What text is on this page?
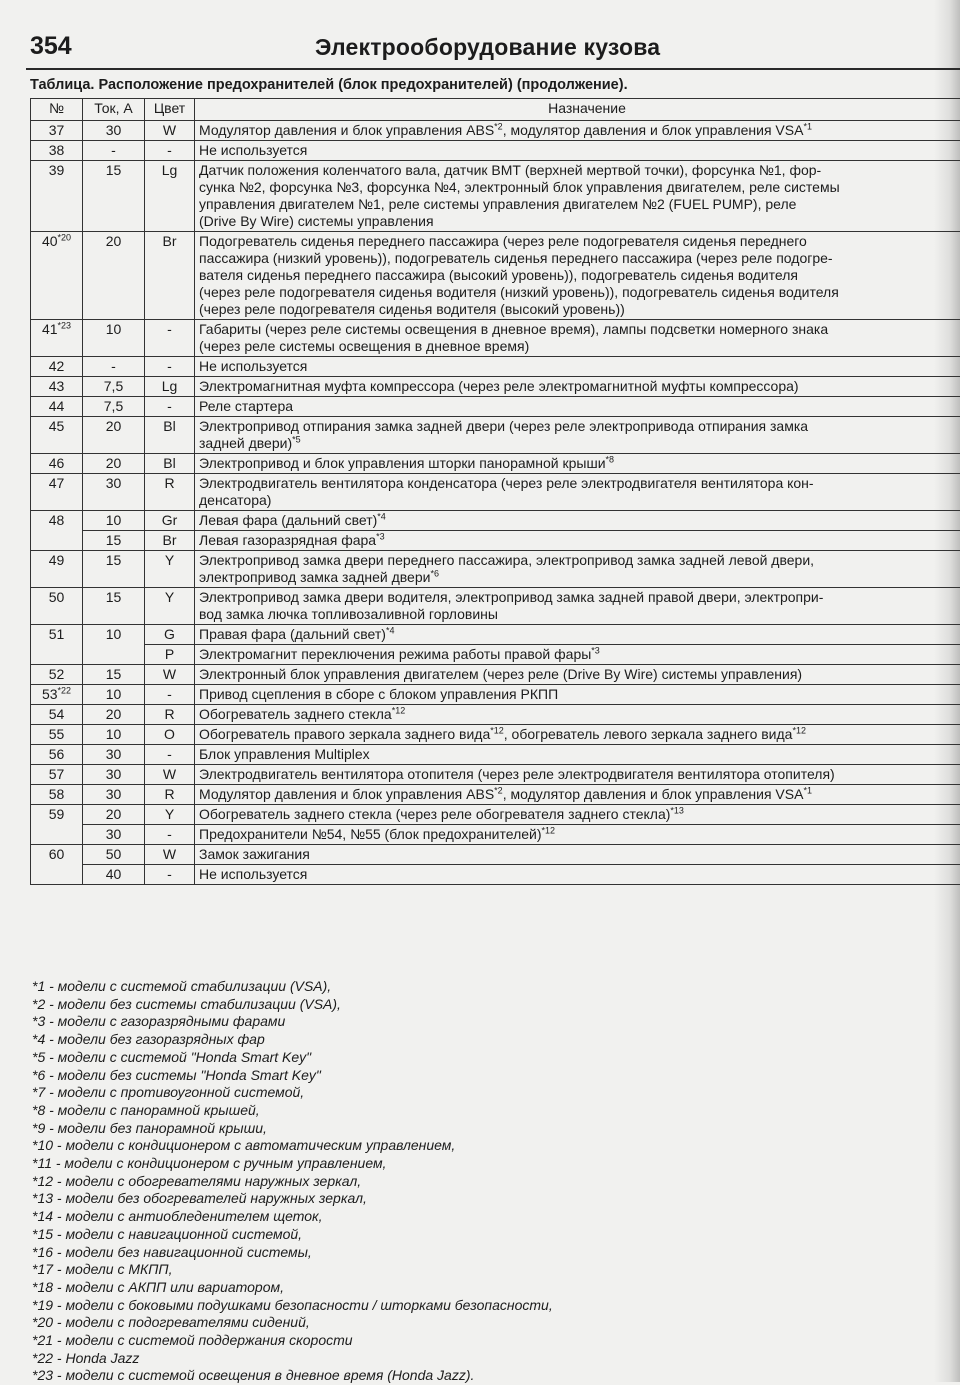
354	Электрооборудование кузова
Таблица. Расположение предохранителей (блок предохранителей) (продолжение).
№	Ток, А	Цвет	Назначение
37	30	W	Модулятор давления и блок управления ABS$^{*2}$, модулятор давления и блок управления VSA$^{*1}$
38	-	-	Не используется
39	15	Lg	Датчик положения коленчатого вала, датчик ВМТ (верхней мертвой точки), форсунка №1, фор-
сунка №2, форсунка №3, форсунка №4, электронный блок управления двигателем, реле системы
управления двигателем №1, реле системы управления двигателем №2 (FUEL PUMP), реле
(Drive By Wire) системы управления
40$^{*20}$	20	Br	Подогреватель сиденья переднего пассажира (через реле подогревателя сиденья переднего
пассажира (низкий уровень)), подогреватель сиденья переднего пассажира (через реле подогре-
вателя сиденья переднего пассажира (высокий уровень)), подогреватель сиденья водителя
(через реле подогревателя сиденья водителя (низкий уровень)), подогреватель сиденья водителя
(через реле подогревателя сиденья водителя (высокий уровень))
41$^{*23}$	10	-	Габариты (через реле системы освещения в дневное время), лампы подсветки номерного знака
(через реле системы освещения в дневное время)
42	-	-	Не используется
43	7,5	Lg	Электромагнитная муфта компрессора (через реле электромагнитной муфты компрессора)
44	7,5	-	Реле стартера
45	20	Bl	Электропривод отпирания замка задней двери (через реле электропривода отпирания замка
задней двери)$^{*5}$
46	20	Bl	Электропривод и блок управления шторки панорамной крыши$^{*8}$
47	30	R	Электродвигатель вентилятора конденсатора (через реле электродвигателя вентилятора кон-
денсатора)
48	10	Gr	Левая фара (дальний свет)$^{*4}$
	15	Br	Левая газоразрядная фара$^{*3}$
49	15	Y	Электропривод замка двери переднего пассажира, электропривод замка задней левой двери,
электропривод замка задней двери$^{*6}$
50	15	Y	Электропривод замка двери водителя, электропривод замка задней правой двери, электропри-
вод замка лючка топливозаливной горловины
51	10	G	Правая фара (дальний свет)$^{*4}$
		P	Электромагнит переключения режима работы правой фары$^{*3}$
52	15	W	Электронный блок управления двигателем (через реле (Drive By Wire) системы управления)
53$^{*22}$	10	-	Привод сцепления в сборе с блоком управления РКПП
54	20	R	Обогреватель заднего стекла$^{*12}$
55	10	O	Обогреватель правого зеркала заднего вида$^{*12}$, обогреватель левого зеркала заднего вида$^{*12}$
56	30	-	Блок управления Multiplex
57	30	W	Электродвигатель вентилятора отопителя (через реле электродвигателя вентилятора отопителя)
58	30	R	Модулятор давления и блок управления ABS$^{*2}$, модулятор давления и блок управления VSA$^{*1}$
59	20	Y	Обогреватель заднего стекла (через реле обогревателя заднего стекла)$^{*13}$
	30	-	Предохранители №54, №55 (блок предохранителей)$^{*12}$
60	50	W	Замок зажигания
	40	-	Не используется
*1 - модели с системой стабилизации (VSA),
*2 - модели без системы стабилизации (VSA),
*3 - модели с газоразрядными фарами
*4 - модели без газоразрядных фар
*5 - модели с системой "Honda Smart Key"
*6 - модели без системы "Honda Smart Key"
*7 - модели с противоугонной системой,
*8 - модели с панорамной крышей,
*9 - модели без панорамной крыши,
*10 - модели с кондиционером с автоматическим управлением,
*11 - модели с кондиционером с ручным управлением,
*12 - модели с обогревателями наружных зеркал,
*13 - модели без обогревателей наружных зеркал,
*14 - модели с антиобледенителем щеток,
*15 - модели с навигационной системой,
*16 - модели без навигационной системы,
*17 - модели с МКПП,
*18 - модели с АКПП или вариатором,
*19 - модели с боковыми подушками безопасности / шторками безопасности,
*20 - модели с подогревателями сидений,
*21 - модели с системой поддержания скорости
*22 - Honda Jazz
*23 - модели с системой освещения в дневное время (Honda Jazz).
